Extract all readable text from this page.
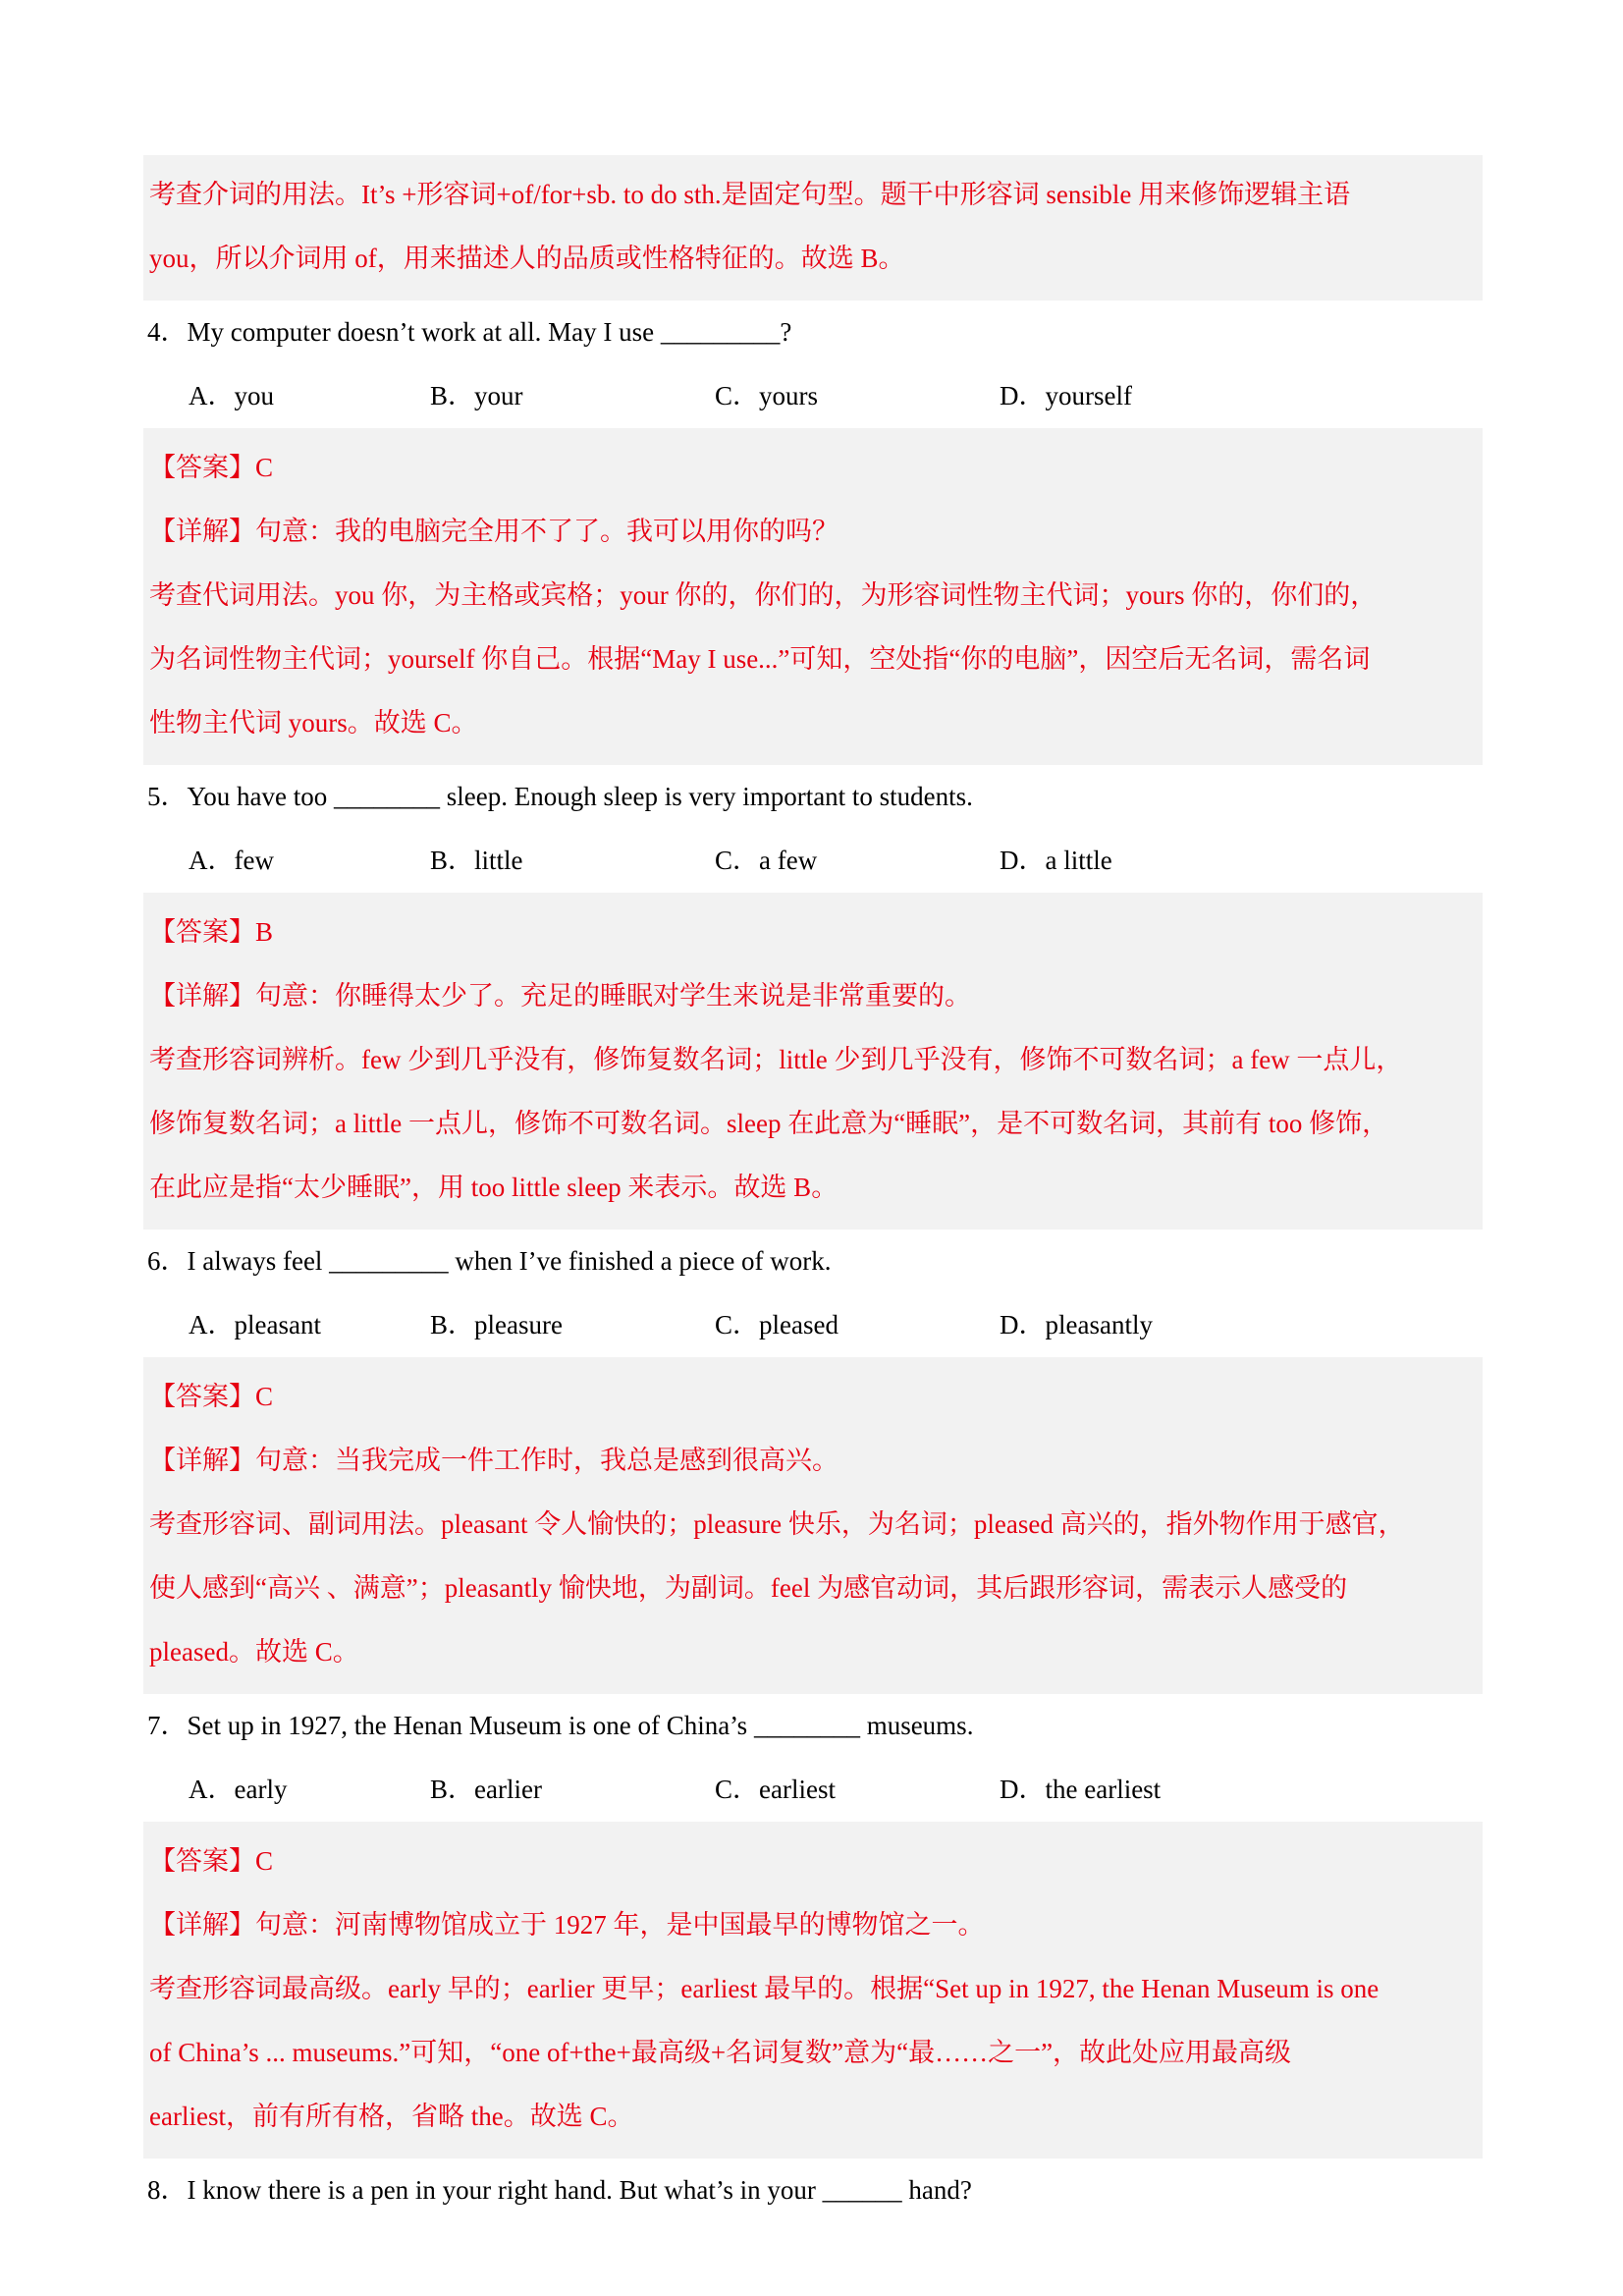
考查介词的用法。It’s +形容词+of/for+sb. to do sth.是固定句型。题干中形容词 sensible 用来修饰逻辑主语
you，所以介词用 of，用来描述人的品质或性格特征的。故选 B。
4．My computer doesn’t work at all. May I use _________?
A．you	B．your	C．yours	D．yourself
【答案】C
【详解】句意：我的电脑完全用不了了。我可以用你的吗？
考查代词用法。you 你，为主格或宾格；your 你的，你们的，为形容词性物主代词；yours 你的，你们的，
为名词性物主代词；yourself 你自己。根据“May I use...”可知，空处指“你的电脑”，因空后无名词，需名词
性物主代词 yours。故选 C。
5．You have too ________ sleep. Enough sleep is very important to students.
A．few	B．little	C．a few	D．a little
【答案】B
【详解】句意：你睡得太少了。充足的睡眠对学生来说是非常重要的。
考查形容词辨析。few 少到几乎没有，修饰复数名词；little 少到几乎没有，修饰不可数名词；a few 一点儿，
修饰复数名词；a little 一点儿，修饰不可数名词。sleep 在此意为“睡眠”，是不可数名词，其前有 too 修饰，
在此应是指“太少睡眠”，用 too little sleep 来表示。故选 B。
6．I always feel _________ when I’ve finished a piece of work.
A．pleasant	B．pleasure	C．pleased	D．pleasantly
【答案】C
【详解】句意：当我完成一件工作时，我总是感到很高兴。
考查形容词、副词用法。pleasant 令人愉快的；pleasure 快乐，为名词；pleased 高兴的，指外物作用于感官，
使人感到“高兴 、满意”；pleasantly 愉快地，为副词。feel 为感官动词，其后跟形容词，需表示人感受的
pleased。故选 C。
7．Set up in 1927, the Henan Museum is one of China’s ________ museums.
A．early	B．earlier	C．earliest	D．the earliest
【答案】C
【详解】句意：河南博物馆成立于 1927 年，是中国最早的博物馆之一。
考查形容词最高级。early 早的；earlier 更早；earliest 最早的。根据“Set up in 1927, the Henan Museum is one
of China’s ... museums.”可知，“one of+the+最高级+名词复数”意为“最……之一”，故此处应用最高级
earliest，前有所有格，省略 the。故选 C。
8．I know there is a pen in your right hand. But what’s in your ______ hand?
